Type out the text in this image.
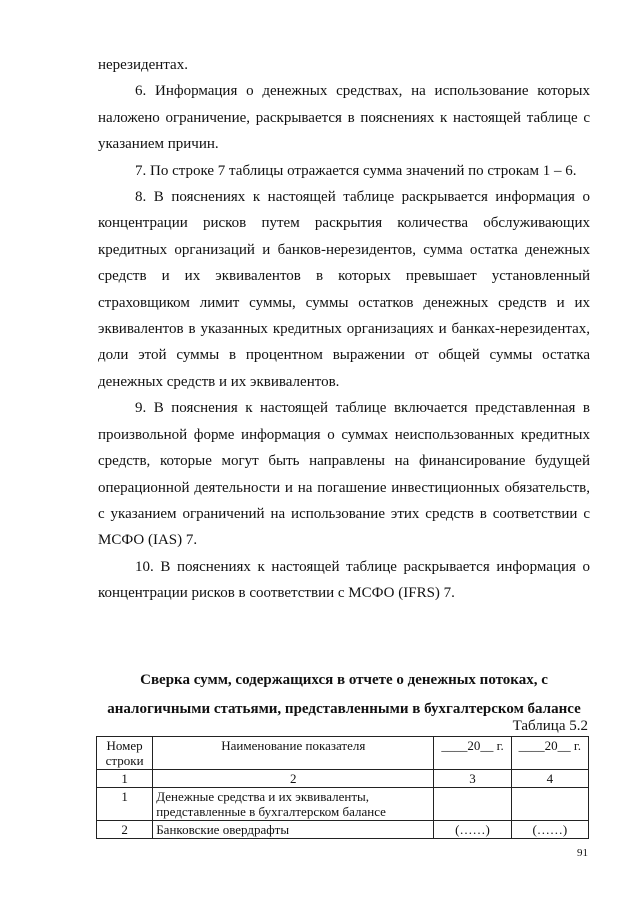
нерезидентах.

6. Информация о денежных средствах, на использование которых наложено ограничение, раскрывается в пояснениях к настоящей таблице с указанием причин.

7. По строке 7 таблицы отражается сумма значений по строкам 1 – 6.

8. В пояснениях к настоящей таблице раскрывается информация о концентрации рисков путем раскрытия количества обслуживающих кредитных организаций и банков-нерезидентов, сумма остатка денежных средств и их эквивалентов в которых превышает установленный страховщиком лимит суммы, суммы остатков денежных средств и их эквивалентов в указанных кредитных организациях и банках-нерезидентах, доли этой суммы в процентном выражении от общей суммы остатка денежных средств и их эквивалентов.

9. В пояснения к настоящей таблице включается представленная в произвольной форме информация о суммах неиспользованных кредитных средств, которые могут быть направлены на финансирование будущей операционной деятельности и на погашение инвестиционных обязательств, с указанием ограничений на использование этих средств в соответствии с МСФО (IAS) 7.

10. В пояснениях к настоящей таблице раскрывается информация о концентрации рисков в соответствии с МСФО (IFRS) 7.

Сверка сумм, содержащихся в отчете о денежных потоках, с
аналогичными статьями, представленными в бухгалтерском балансе
Таблица 5.2
Номер строки	Наименование показателя	____20__ г.	____20__ г.
1	2	3	4
1	Денежные средства и их эквиваленты, представленные в бухгалтерском балансе		
2	Банковские овердрафты	(……)	(……)
91
